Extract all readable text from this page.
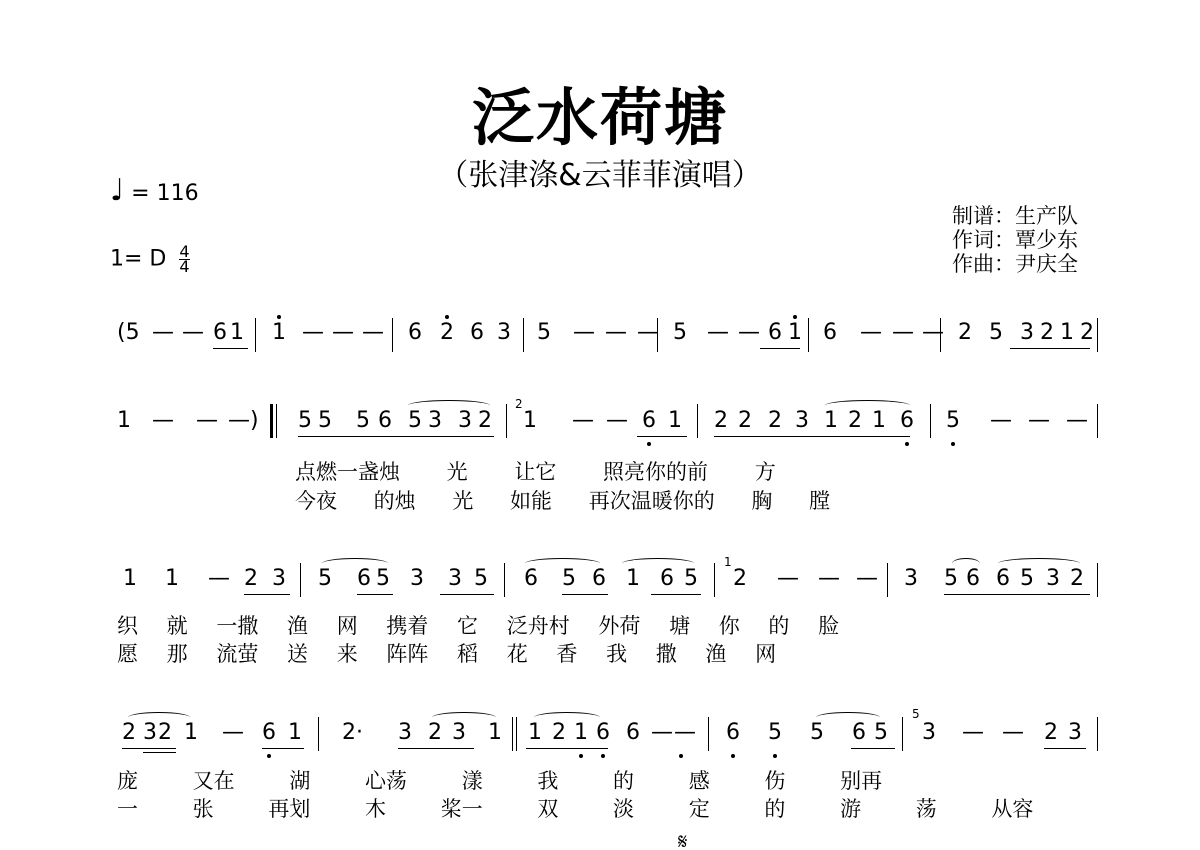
泛水荷塘
（张津涤&云菲菲演唱）
♩ = 116
1= D $\frac{4}{4}$
制谱：生产队
作词：覃少东
作曲：尹庆全
2
点燃一盏烛 光 让它 照亮你的前 方
今夜 的烛 光 如能 再次温暖你的 胸 膛
1
织 就 一撒 渔 网 携着 它 泛舟村 外荷 塘 你 的 脸
愿 那 流萤 送 来 阵阵 稻 花 香 我 撒 渔 网
5
庞 又在 湖 心荡 漾 我 的 感 伤 别再
一 张 再划 木 桨一 双 淡 定 的 游 荡 从容
𝄋
(5 — — 6 1 1 — — — 6 2 6 3 5 — — — 5 — — 6 1 6 — — — 2 5 3 2 1 2
1 — — —) 5 5 5 6 5 3 3 2 1 — — 6 1 2 2 2 3 1 2 1 6 5 — — —
1 1 — 2 3 5 6 5 3 3 5 6 5 6 1 6 5 2 — — — 3 5 6 6 5 3 2
2 3 2 1 — 6 1 2· 3 2 3 1 1 2 1 6 6 — — 6 5 5 6 5 3 — — 2 3
